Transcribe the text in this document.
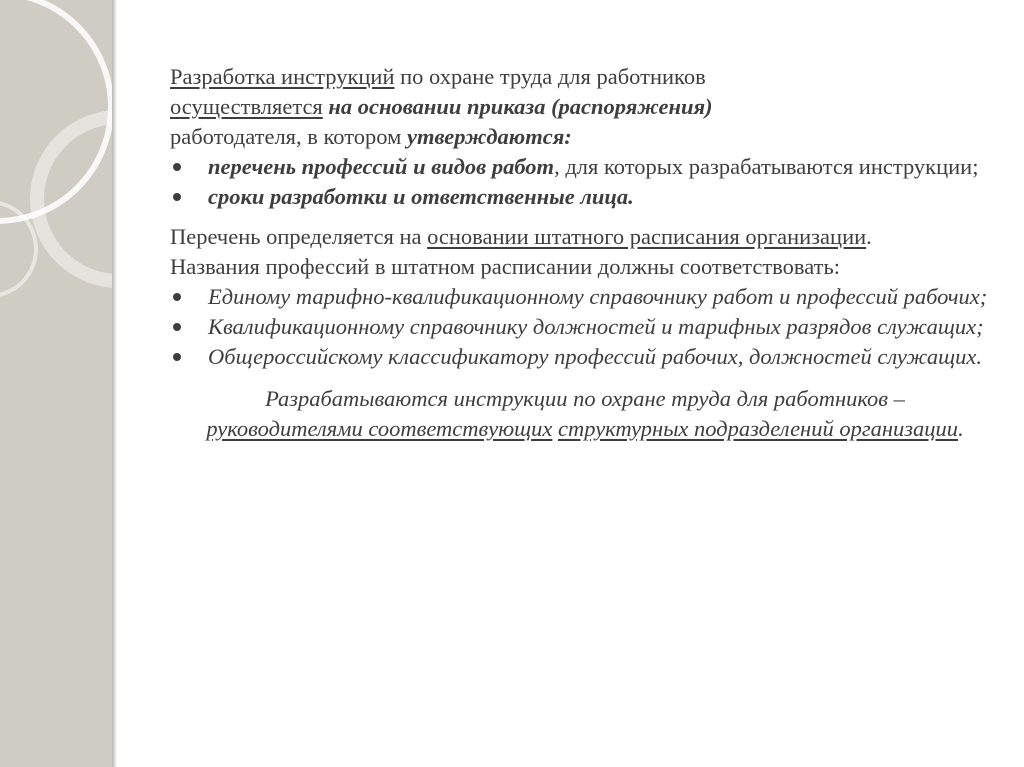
Разработка инструкций по охране труда для работников
осуществляется на основании приказа (распоряжения)
работодателя, в котором утверждаются:

перечень профессий и видов работ, для которых разрабатываются инструкции;
сроки разработки и ответственные лица.

Перечень определяется на основании штатного расписания организации.
Названия профессий в штатном расписании должны соответствовать:

Единому тарифно-квалификационному справочнику работ и профессий рабочих;
Квалификационному справочнику должностей и тарифных разрядов служащих;
Общероссийскому классификатору профессий рабочих, должностей служащих.

Разрабатываются инструкции по охране труда для работников –
руководителями соответствующих структурных подразделений организации.
